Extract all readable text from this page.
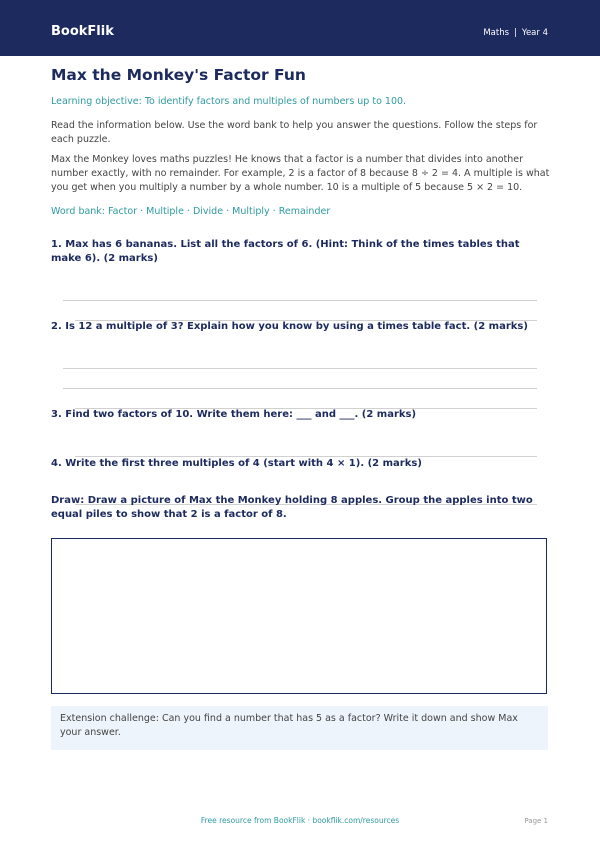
BookFlik	Maths | Year 4
Max the Monkey's Factor Fun
Learning objective: To identify factors and multiples of numbers up to 100.

Read the information below. Use the word bank to help you answer the questions. Follow the steps for each puzzle.

Max the Monkey loves maths puzzles! He knows that a factor is a number that divides into another number exactly, with no remainder. For example, 2 is a factor of 8 because 8 ÷ 2 = 4. A multiple is what you get when you multiply a number by a whole number. 10 is a multiple of 5 because 5 × 2 = 10.

Word bank: Factor · Multiple · Divide · Multiply · Remainder

1. Max has 6 bananas. List all the factors of 6. (Hint: Think of the times tables that make 6). (2 marks)

2. Is 12 a multiple of 3? Explain how you know by using a times table fact. (2 marks)

3. Find two factors of 10. Write them here: ___ and ___. (2 marks)

4. Write the first three multiples of 4 (start with 4 × 1). (2 marks)

Draw: Draw a picture of Max the Monkey holding 8 apples. Group the apples into two equal piles to show that 2 is a factor of 8.

Extension challenge: Can you find a number that has 5 as a factor? Write it down and show Max your answer.
Free resource from BookFlik · bookflik.com/resources	Page 1
